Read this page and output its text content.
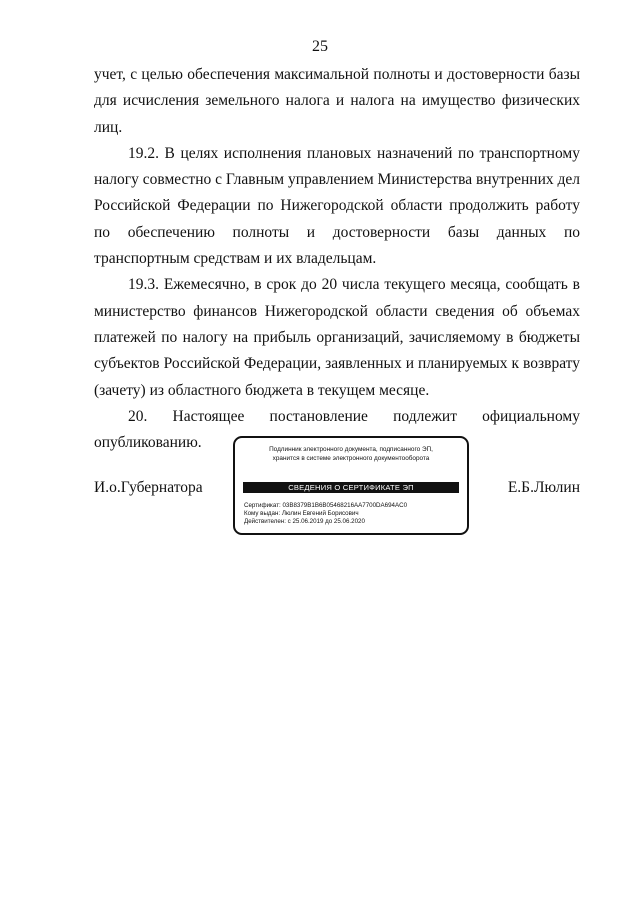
25

учет, с целью обеспечения максимальной полноты и достоверности базы

для исчисления земельного налога и налога на имущество физических лиц.

19.2. В целях исполнения плановых назначений по транспортному налогу совместно с Главным управлением Министерства внутренних дел Российской Федерации по Нижегородской области продолжить работу по обеспечению полноты и достоверности базы данных по транспортным средствам и их владельцам.

19.3. Ежемесячно, в срок до 20 числа текущего месяца, сообщать в министерство финансов Нижегородской области сведения об объемах платежей по налогу на прибыль организаций, зачисляемому в бюджеты субъектов Российской Федерации, заявленных и планируемых к возврату (зачету) из областного бюджета в текущем месяце.

20. Настоящее постановление подлежит официальному опубликованию.

И.о.Губернатора
Подлинник электронного документа, подписанного ЭП,
хранится в системе электронного документооборота
СВЕДЕНИЯ О СЕРТИФИКАТЕ ЭП
Сертификат: 03B8379B1B6B05468216AA7700DA694AC0
Кому выдан: Люлин Евгений Борисович
Действителен: с 25.06.2019 до 25.06.2020
Е.Б.Люлин
